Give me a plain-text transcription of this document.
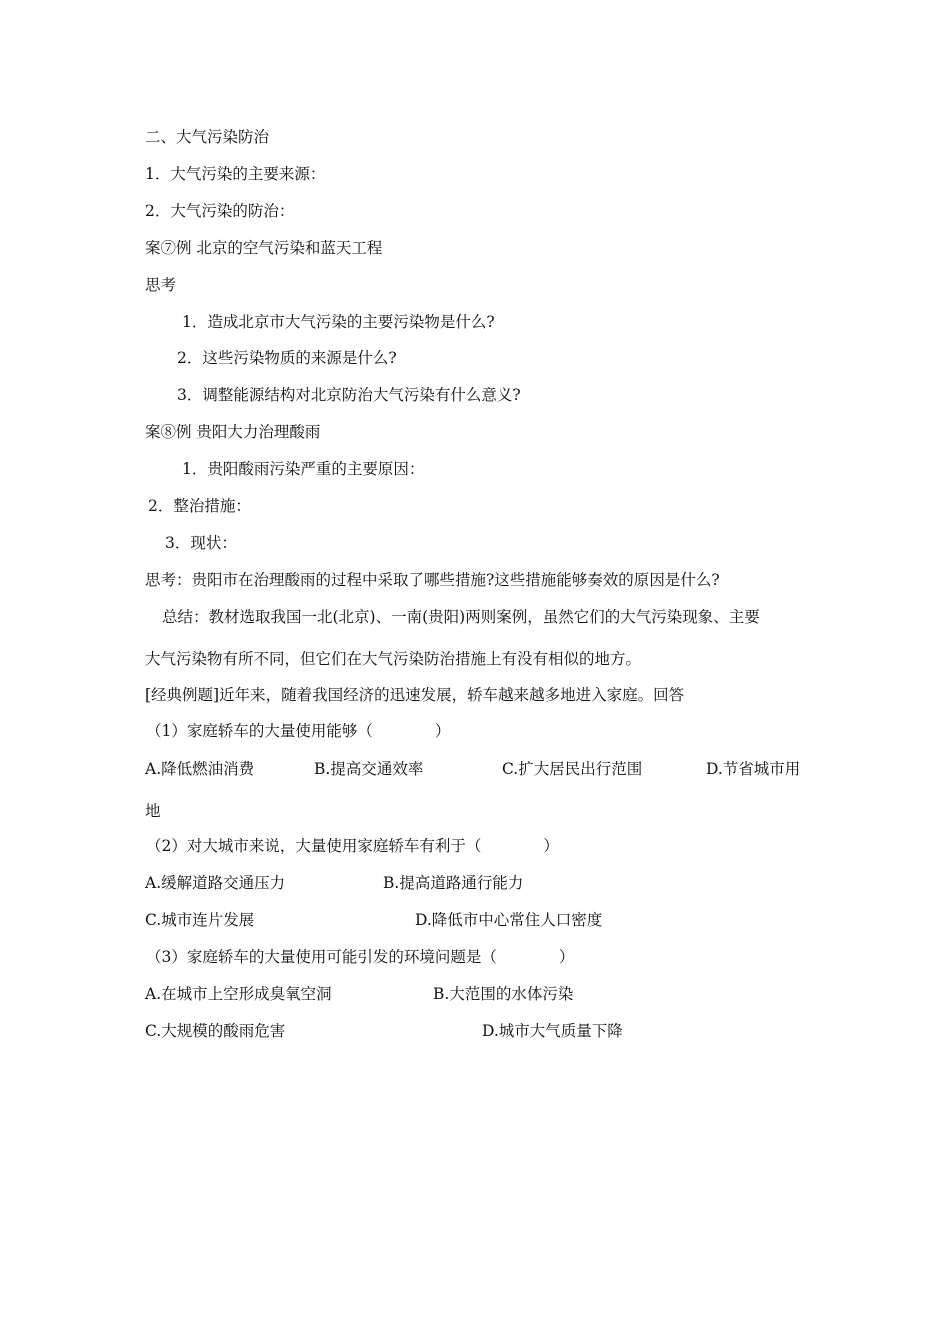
二、大气污染防治
1．大气污染的主要来源：
2．大气污染的防治：
案⑦例 北京的空气污染和蓝天工程
思考
1．造成北京市大气污染的主要污染物是什么?
2．这些污染物质的来源是什么?
3．调整能源结构对北京防治大气污染有什么意义?
案⑧例 贵阳大力治理酸雨
1．贵阳酸雨污染严重的主要原因：
2．整治措施：
3．现状：
思考：贵阳市在治理酸雨的过程中采取了哪些措施?这些措施能够奏效的原因是什么?
总结：教材选取我国一北(北京)、一南(贵阳)两则案例，虽然它们的大气污染现象、主要
大气污染物有所不同，但它们在大气污染防治措施上有没有相似的地方。
[经典例题]近年来，随着我国经济的迅速发展，轿车越来越多地进入家庭。回答
（1）家庭轿车的大量使用能够（　　　　）
A.降低燃油消费	B.提高交通效率	C.扩大居民出行范围	D.节省城市用
地
（2）对大城市来说，大量使用家庭轿车有利于（　　　　）
A.缓解道路交通压力	B.提高道路通行能力
C.城市连片发展	D.降低市中心常住人口密度
（3）家庭轿车的大量使用可能引发的环境问题是（　　　　）
A.在城市上空形成臭氧空洞	B.大范围的水体污染
C.大规模的酸雨危害	D.城市大气质量下降
